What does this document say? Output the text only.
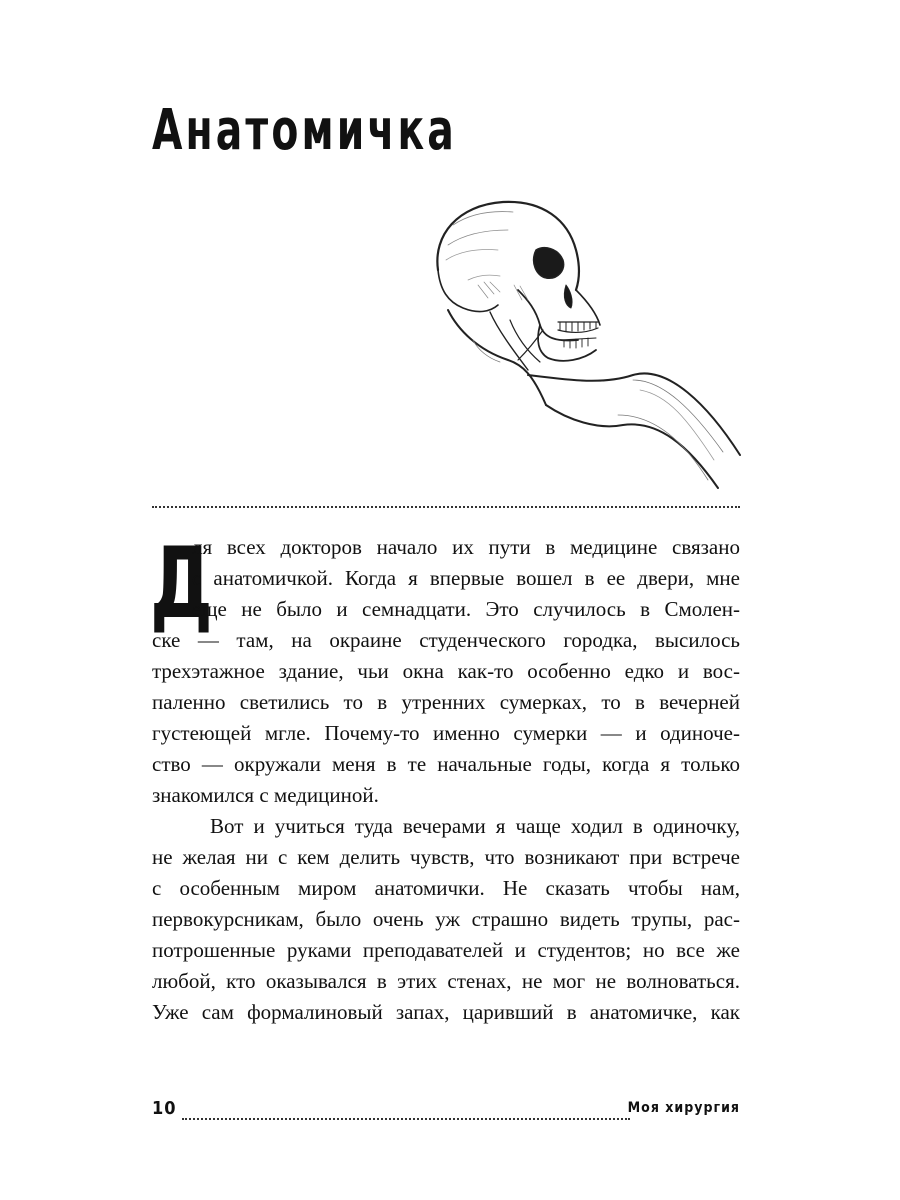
Анатомичка
Д
ля всех докторов начало их пути в медицине связано
с анатомичкой. Когда я впервые вошел в ее двери, мне
еще не было и семнадцати. Это случилось в Смолен-
ске — там, на окраине студенческого городка, высилось
трехэтажное здание, чьи окна как-то особенно едко и вос-
паленно светились то в утренних сумерках, то в вечерней
густеющей мгле. Почему-то именно сумерки — и одиноче-
ство — окружали меня в те начальные годы, когда я только
знакомился с медициной.
Вот и учиться туда вечерами я чаще ходил в одиночку,
не желая ни с кем делить чувств, что возникают при встрече
с особенным миром анатомички. Не сказать чтобы нам,
первокурсникам, было очень уж страшно видеть трупы, рас-
потрошенные руками преподавателей и студентов; но все же
любой, кто оказывался в этих стенах, не мог не волноваться.
Уже сам формалиновый запах, царивший в анатомичке, как
10	Моя хирургия
